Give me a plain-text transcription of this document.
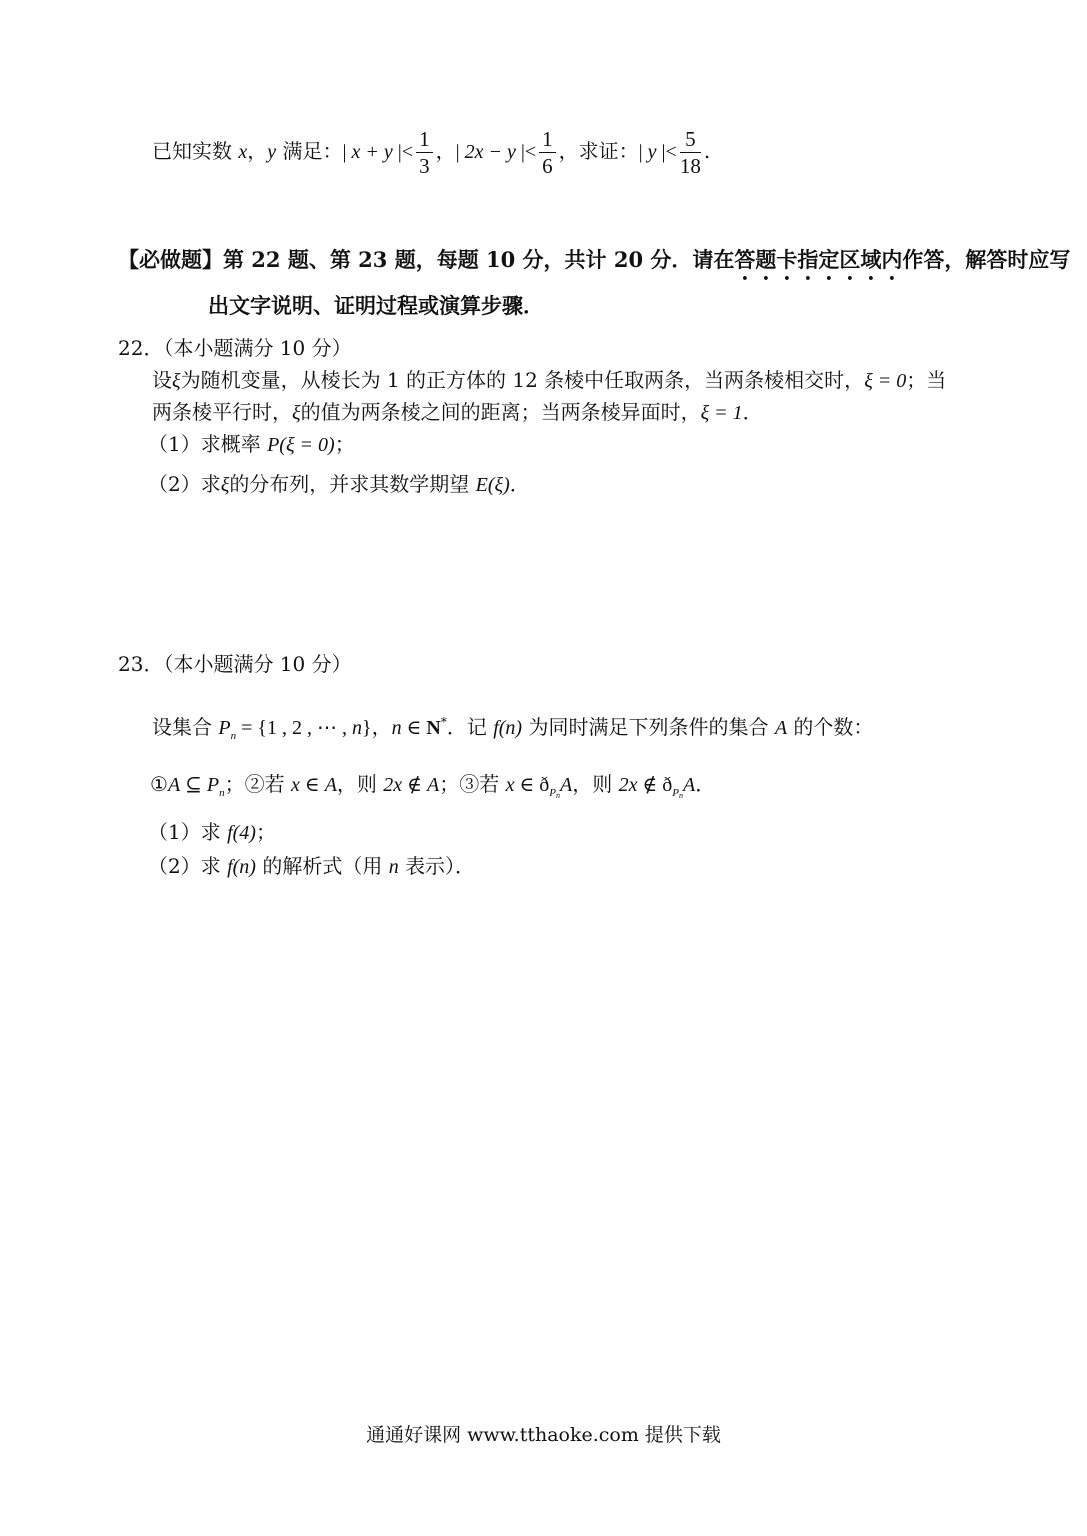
已知实数 x，y 满足：| x + y |< $\frac{1}{3}$ ，| 2x − y |< $\frac{1}{6}$ ，求证：| y |< $\frac{5}{18}$ .
【必做题】第 22 题、第 23 题，每题 10 分，共计 20 分．请在答题卡指定区域内作答，解答时应写
出文字说明、证明过程或演算步骤．
22．（本小题满分 10 分）
设ξ为随机变量，从棱长为 1 的正方体的 12 条棱中任取两条，当两条棱相交时，ξ = 0；当
两条棱平行时，ξ的值为两条棱之间的距离；当两条棱异面时，ξ = 1．
（1）求概率 P(ξ = 0)；
（2）求ξ的分布列，并求其数学期望 E(ξ)．
23．（本小题满分 10 分）
设集合 $P_n = \{1$ , 2 , ⋯ , n}，n ∈ N*．记 f(n) 为同时满足下列条件的集合 A 的个数：
①A ⊆ $P_n$；②若 x ∈ A，则 2x ∉ A；③若 x ∈ $ð_{P_n}A$，则 2x ∉ $ð_{P_n}A$．
（1）求 f(4)；
（2）求 f(n) 的解析式（用 n 表示）．
通通好课网 www.tthaoke.com 提供下载
